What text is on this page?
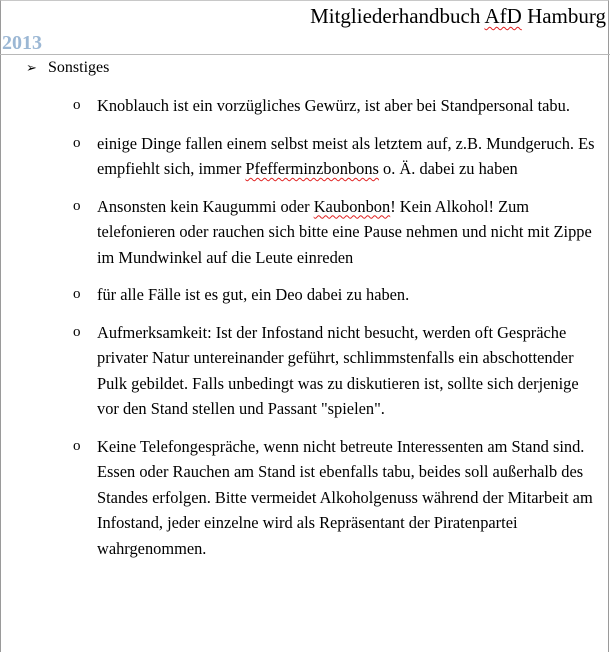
Mitgliederhandbuch AfD Hamburg
2013
➢ Sonstiges
o Knoblauch ist ein vorzügliches Gewürz, ist aber bei Standpersonal tabu.
o einige Dinge fallen einem selbst meist als letztem auf, z.B. Mundgeruch. Es empfiehlt sich, immer Pfefferminzbonbons o. Ä. dabei zu haben
o Ansonsten kein Kaugummi oder Kaubonbon! Kein Alkohol! Zum telefonieren oder rauchen sich bitte eine Pause nehmen und nicht mit Zippe im Mundwinkel auf die Leute einreden
o für alle Fälle ist es gut, ein Deo dabei zu haben.
o Aufmerksamkeit: Ist der Infostand nicht besucht, werden oft Gespräche privater Natur untereinander geführt, schlimmstenfalls ein abschottender Pulk gebildet. Falls unbedingt was zu diskutieren ist, sollte sich derjenige vor den Stand stellen und Passant "spielen".
o Keine Telefongespräche, wenn nicht betreute Interessenten am Stand sind. Essen oder Rauchen am Stand ist ebenfalls tabu, beides soll außerhalb des Standes erfolgen. Bitte vermeidet Alkoholgenuss während der Mitarbeit am Infostand, jeder einzelne wird als Repräsentant der Piratenpartei wahrgenommen.
